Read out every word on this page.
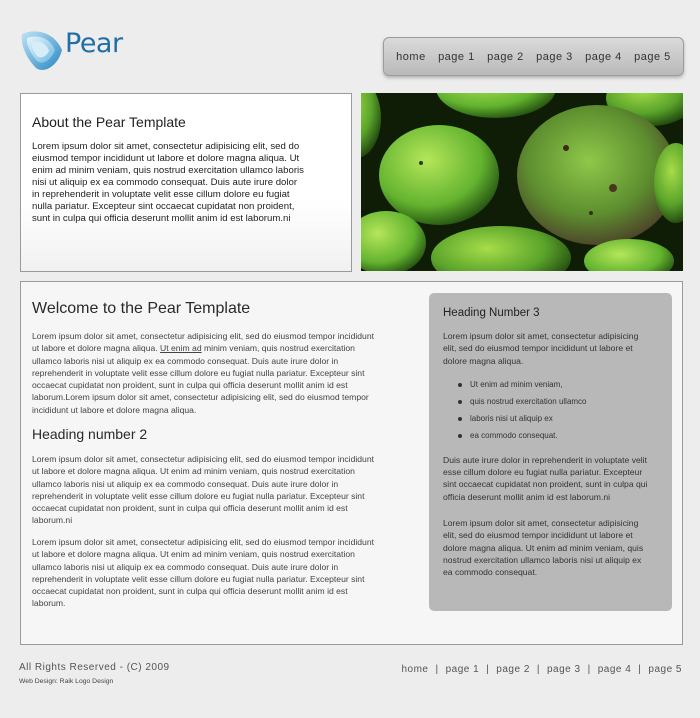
Pear	home page 1 page 2 page 3 page 4 page 5
About the Pear Template

Lorem ipsum dolor sit amet, consectetur adipisicing elit, sed do eiusmod tempor incididunt ut labore et dolore magna aliqua. Ut enim ad minim veniam, quis nostrud exercitation ullamco laboris nisi ut aliquip ex ea commodo consequat. Duis aute irure dolor in reprehenderit in voluptate velit esse cillum dolore eu fugiat nulla pariatur. Excepteur sint occaecat cupidatat non proident, sunt in culpa qui officia deserunt mollit anim id est laborum.ni

Welcome to the Pear Template

Lorem ipsum dolor sit amet, consectetur adipisicing elit, sed do eiusmod tempor incididunt ut labore et dolore magna aliqua. Ut enim ad minim veniam, quis nostrud exercitation ullamco laboris nisi ut aliquip ex ea commodo consequat. Duis aute irure dolor in reprehenderit in voluptate velit esse cillum dolore eu fugiat nulla pariatur. Excepteur sint occaecat cupidatat non proident, sunt in culpa qui officia deserunt mollit anim id est laborum.Lorem ipsum dolor sit amet, consectetur adipisicing elit, sed do eiusmod tempor incididunt ut labore et dolore magna aliqua.

Heading number 2

Lorem ipsum dolor sit amet, consectetur adipisicing elit, sed do eiusmod tempor incididunt ut labore et dolore magna aliqua. Ut enim ad minim veniam, quis nostrud exercitation ullamco laboris nisi ut aliquip ex ea commodo consequat. Duis aute irure dolor in reprehenderit in voluptate velit esse cillum dolore eu fugiat nulla pariatur. Excepteur sint occaecat cupidatat non proident, sunt in culpa qui officia deserunt mollit anim id est laborum.ni

Lorem ipsum dolor sit amet, consectetur adipisicing elit, sed do eiusmod tempor incididunt ut labore et dolore magna aliqua. Ut enim ad minim veniam, quis nostrud exercitation ullamco laboris nisi ut aliquip ex ea commodo consequat. Duis aute irure dolor in reprehenderit in voluptate velit esse cillum dolore eu fugiat nulla pariatur. Excepteur sint occaecat cupidatat non proident, sunt in culpa qui officia deserunt mollit anim id est laborum.

Heading Number 3

Lorem ipsum dolor sit amet, consectetur adipisicing elit, sed do eiusmod tempor incididunt ut labore et dolore magna aliqua.

Ut enim ad minim veniam,
quis nostrud exercitation ullamco
laboris nisi ut aliquip ex
ea commodo consequat.

Duis aute irure dolor in reprehenderit in voluptate velit esse cillum dolore eu fugiat nulla pariatur. Excepteur sint occaecat cupidatat non proident, sunt in culpa qui officia deserunt mollit anim id est laborum.ni

Lorem ipsum dolor sit amet, consectetur adipisicing elit, sed do eiusmod tempor incididunt ut labore et dolore magna aliqua. Ut enim ad minim veniam, quis nostrud exercitation ullamco laboris nisi ut aliquip ex ea commodo consequat.

All Rights Reserved - (C) 2009
Web Design: Raik Logo Design
home | page 1 | page 2 | page 3 | page 4 | page 5
